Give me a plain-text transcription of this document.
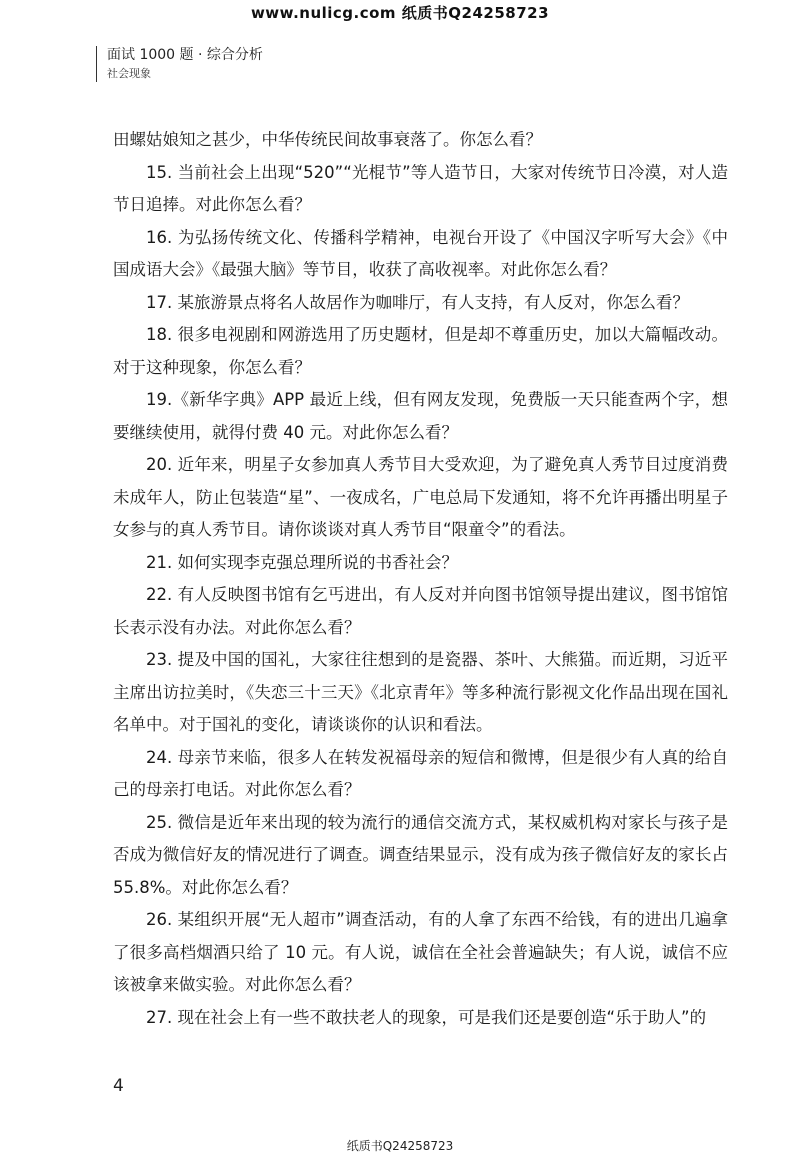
www.nulicg.com 纸质书Q24258723
面试 1000 题 · 综合分析
社会现象

田螺姑娘知之甚少，中华传统民间故事衰落了。你怎么看？

15. 当前社会上出现“520”“光棍节”等人造节日，大家对传统节日冷漠，对人造节日追捧。对此你怎么看？

16. 为弘扬传统文化、传播科学精神，电视台开设了《中国汉字听写大会》《中国成语大会》《最强大脑》等节目，收获了高收视率。对此你怎么看？

17. 某旅游景点将名人故居作为咖啡厅，有人支持，有人反对，你怎么看？

18. 很多电视剧和网游选用了历史题材，但是却不尊重历史，加以大篇幅改动。对于这种现象，你怎么看？

19.《新华字典》APP 最近上线，但有网友发现，免费版一天只能查两个字，想要继续使用，就得付费 40 元。对此你怎么看？

20. 近年来，明星子女参加真人秀节目大受欢迎，为了避免真人秀节目过度消费未成年人，防止包装造“星”、一夜成名，广电总局下发通知，将不允许再播出明星子女参与的真人秀节目。请你谈谈对真人秀节目“限童令”的看法。

21. 如何实现李克强总理所说的书香社会？

22. 有人反映图书馆有乞丐进出，有人反对并向图书馆领导提出建议，图书馆馆长表示没有办法。对此你怎么看？

23. 提及中国的国礼，大家往往想到的是瓷器、茶叶、大熊猫。而近期，习近平主席出访拉美时，《失恋三十三天》《北京青年》等多种流行影视文化作品出现在国礼名单中。对于国礼的变化，请谈谈你的认识和看法。

24. 母亲节来临，很多人在转发祝福母亲的短信和微博，但是很少有人真的给自己的母亲打电话。对此你怎么看？

25. 微信是近年来出现的较为流行的通信交流方式，某权威机构对家长与孩子是否成为微信好友的情况进行了调查。调查结果显示，没有成为孩子微信好友的家长占 55.8%。对此你怎么看？

26. 某组织开展“无人超市”调查活动，有的人拿了东西不给钱，有的进出几遍拿了很多高档烟酒只给了 10 元。有人说，诚信在全社会普遍缺失；有人说，诚信不应该被拿来做实验。对此你怎么看？

27. 现在社会上有一些不敢扶老人的现象，可是我们还是要创造“乐于助人”的

4
纸质书Q24258723
